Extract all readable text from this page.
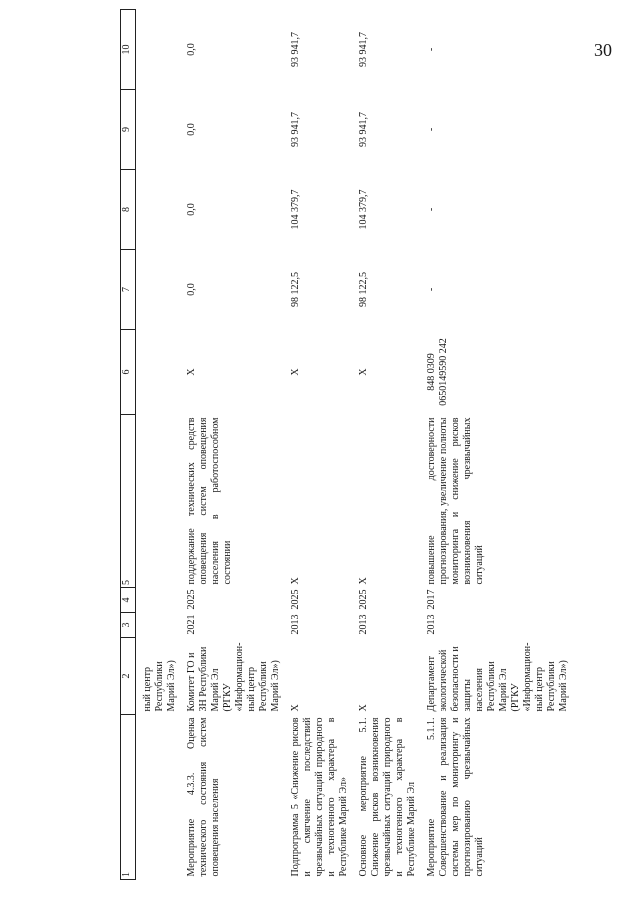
30
1	2	3	4	5	6	7	8	9	10
	ный центр Республики Марий Эл»)								
Мероприятие 4.3.3. Оценка технического состояния систем оповещения населения	Комитет ГО и ЗН Республики Марий Эл (РГКУ «Информацион-ный центр Республики Марий Эл»)	2021	2025	поддержание технических средств оповещения систем оповещения населения в работоспособном состоянии	X	0,0	0,0	0,0	0,0
Подпрограмма 5 «Снижение рисков и смягчение последствий чрезвычайных ситуаций природного и техногенного характера в Республике Марий Эл»	X	2013	2025	X	X	98 122,5	104 379,7	93 941,7	93 941,7
Основное мероприятие 5.1. Снижение рисков возникновения чрезвычайных ситуаций природного и техногенного характера в Республике Марий Эл	X	2013	2025	X	X	98 122,5	104 379,7	93 941,7	93 941,7
Мероприятие 5.1.1. Совершенствование и реализация системы мер по мониторингу и прогнозированию чрезвычайных ситуаций	Департамент экологической безопасности и защиты населения Республики Марий Эл (РГКУ «Информацион-ный центр Республики Марий Эл»)	2013	2017	повышение достоверности прогнозирования, увеличение полноты мониторинга и снижение рисков возникновения чрезвычайных ситуаций	848 0309 0650149590 242	-	-	-	-
